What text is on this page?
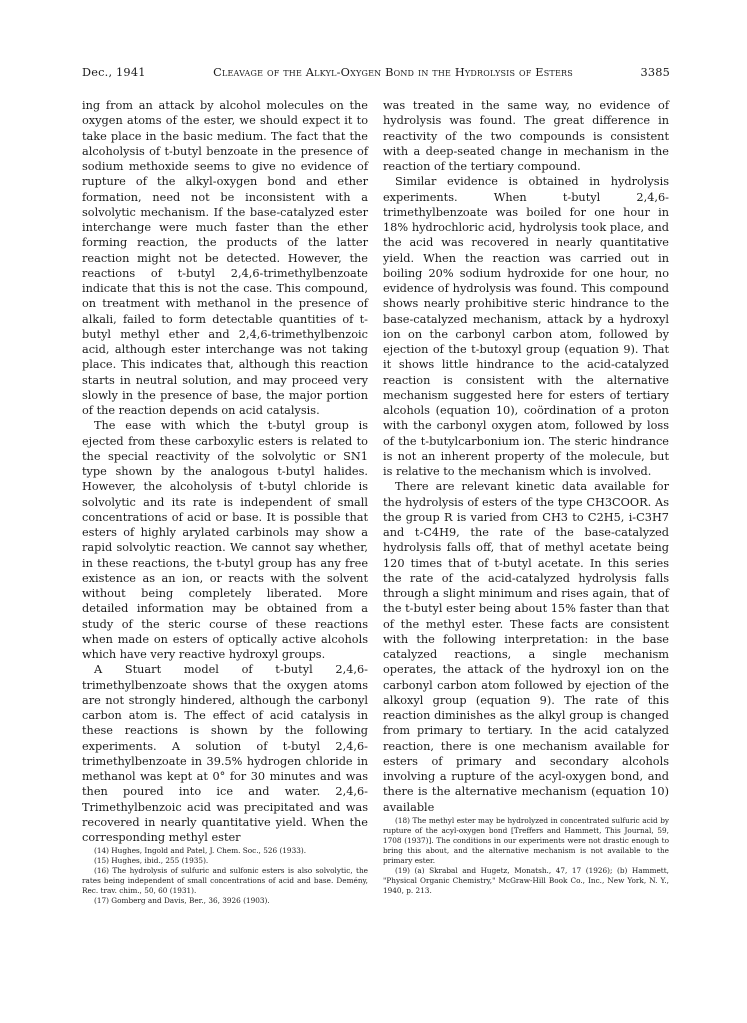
Dec., 1941	Cleavage of the Alkyl-Oxygen Bond in the Hydrolysis of Esters	3385

ing from an attack by alcohol molecules on the oxygen atoms of the ester, we should expect it to take place in the basic medium. The fact that the alcoholysis of t-butyl benzoate in the presence of sodium methoxide seems to give no evidence of rupture of the alkyl-oxygen bond and ether formation, need not be inconsistent with a solvolytic mechanism. If the base-catalyzed ester interchange were much faster than the ether forming reaction, the products of the latter reaction might not be detected. However, the reactions of t-butyl 2,4,6-trimethylbenzoate indicate that this is not the case. This compound, on treatment with methanol in the presence of alkali, failed to form detectable quantities of t-butyl methyl ether and 2,4,6-trimethylbenzoic acid, although ester interchange was not taking place. This indicates that, although this reaction starts in neutral solution, and may proceed very slowly in the presence of base, the major portion of the reaction depends on acid catalysis.

The ease with which the t-butyl group is ejected from these carboxylic esters is related to the special reactivity of the solvolytic or SN1 type shown by the analogous t-butyl halides. However, the alcoholysis of t-butyl chloride is solvolytic and its rate is independent of small concentrations of acid or base. It is possible that esters of highly arylated carbinols may show a rapid solvolytic reaction. We cannot say whether, in these reactions, the t-butyl group has any free existence as an ion, or reacts with the solvent without being completely liberated. More detailed information may be obtained from a study of the steric course of these reactions when made on esters of optically active alcohols which have very reactive hydroxyl groups.

A Stuart model of t-butyl 2,4,6-trimethylbenzoate shows that the oxygen atoms are not strongly hindered, although the carbonyl carbon atom is. The effect of acid catalysis in these reactions is shown by the following experiments. A solution of t-butyl 2,4,6-trimethylbenzoate in 39.5% hydrogen chloride in methanol was kept at 0° for 30 minutes and was then poured into ice and water. 2,4,6-Trimethylbenzoic acid was precipitated and was recovered in nearly quantitative yield. When the corresponding methyl ester

(14) Hughes, Ingold and Patel, J. Chem. Soc., 526 (1933).

(15) Hughes, ibid., 255 (1935).

(16) The hydrolysis of sulfuric and sulfonic esters is also solvolytic, the rates being independent of small concentrations of acid and base. Demény, Rec. trav. chim., 50, 60 (1931).

(17) Gomberg and Davis, Ber., 36, 3926 (1903).

was treated in the same way, no evidence of hydrolysis was found. The great difference in reactivity of the two compounds is consistent with a deep-seated change in mechanism in the reaction of the tertiary compound.

Similar evidence is obtained in hydrolysis experiments. When t-butyl 2,4,6-trimethylbenzoate was boiled for one hour in 18% hydrochloric acid, hydrolysis took place, and the acid was recovered in nearly quantitative yield. When the reaction was carried out in boiling 20% sodium hydroxide for one hour, no evidence of hydrolysis was found. This compound shows nearly prohibitive steric hindrance to the base-catalyzed mechanism, attack by a hydroxyl ion on the carbonyl carbon atom, followed by ejection of the t-butoxyl group (equation 9). That it shows little hindrance to the acid-catalyzed reaction is consistent with the alternative mechanism suggested here for esters of tertiary alcohols (equation 10), coördination of a proton with the carbonyl oxygen atom, followed by loss of the t-butylcarbonium ion. The steric hindrance is not an inherent property of the molecule, but is relative to the mechanism which is involved.

There are relevant kinetic data available for the hydrolysis of esters of the type CH3COOR. As the group R is varied from CH3 to C2H5, i-C3H7 and t-C4H9, the rate of the base-catalyzed hydrolysis falls off, that of methyl acetate being 120 times that of t-butyl acetate. In this series the rate of the acid-catalyzed hydrolysis falls through a slight minimum and rises again, that of the t-butyl ester being about 15% faster than that of the methyl ester. These facts are consistent with the following interpretation: in the base catalyzed reactions, a single mechanism operates, the attack of the hydroxyl ion on the carbonyl carbon atom followed by ejection of the alkoxyl group (equation 9). The rate of this reaction diminishes as the alkyl group is changed from primary to tertiary. In the acid catalyzed reaction, there is one mechanism available for esters of primary and secondary alcohols involving a rupture of the acyl-oxygen bond, and there is the alternative mechanism (equation 10) available

(18) The methyl ester may be hydrolyzed in concentrated sulfuric acid by rupture of the acyl-oxygen bond [Treffers and Hammett, This Journal, 59, 1708 (1937)]. The conditions in our experiments were not drastic enough to bring this about, and the alternative mechanism is not available to the primary ester.

(19) (a) Skrabal and Hugetz, Monatsh., 47, 17 (1926); (b) Hammett, "Physical Organic Chemistry," McGraw-Hill Book Co., Inc., New York, N. Y., 1940, p. 213.
